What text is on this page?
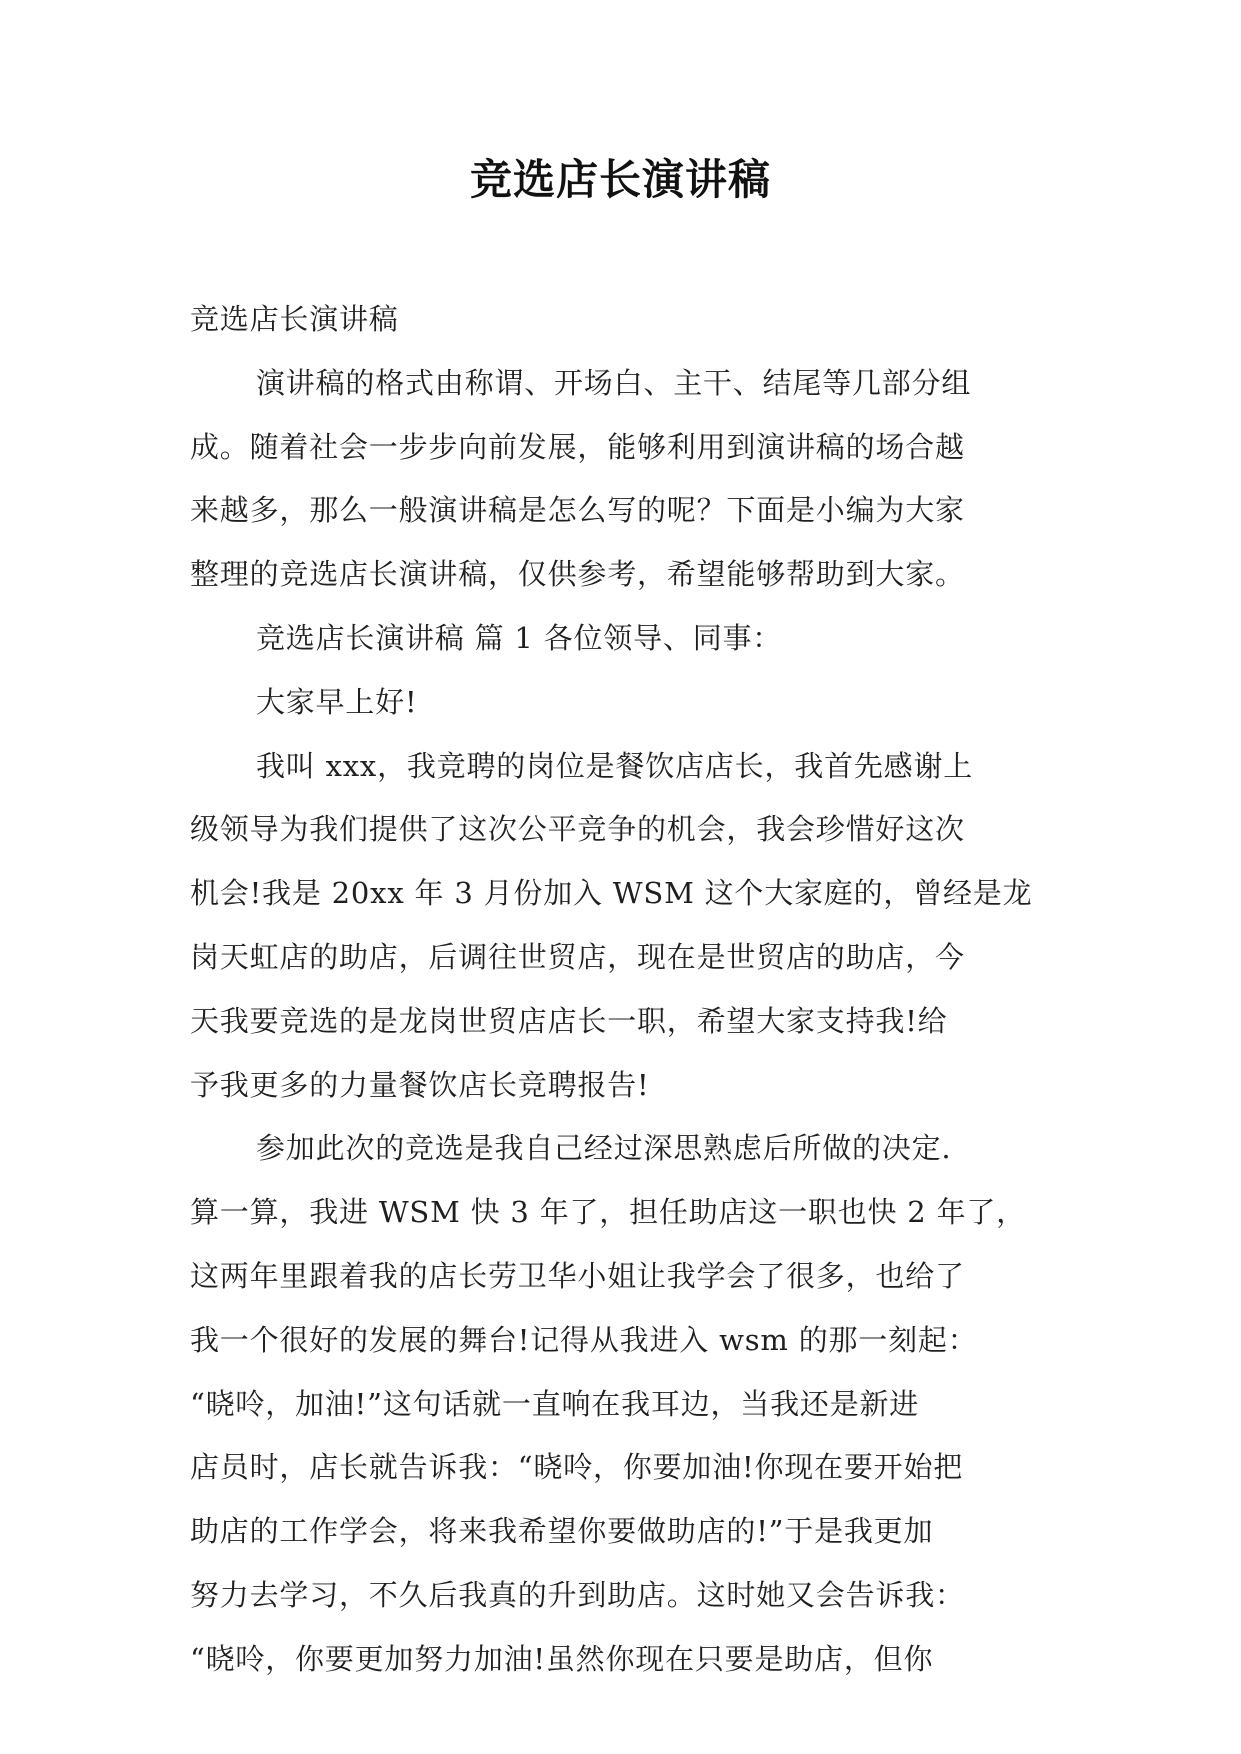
竞选店长演讲稿
竞选店长演讲稿
演讲稿的格式由称谓、开场白、主干、结尾等几部分组
成。随着社会一步步向前发展，能够利用到演讲稿的场合越
来越多，那么一般演讲稿是怎么写的呢？下面是小编为大家
整理的竞选店长演讲稿，仅供参考，希望能够帮助到大家。
竞选店长演讲稿 篇 1 各位领导、同事：
大家早上好!
我叫 xxx，我竞聘的岗位是餐饮店店长，我首先感谢上
级领导为我们提供了这次公平竞争的机会，我会珍惜好这次
机会!我是 20xx 年 3 月份加入 WSM 这个大家庭的，曾经是龙
岗天虹店的助店，后调往世贸店，现在是世贸店的助店，今
天我要竞选的是龙岗世贸店店长一职，希望大家支持我!给
予我更多的力量餐饮店长竞聘报告!
参加此次的竞选是我自己经过深思熟虑后所做的决定.
算一算，我进 WSM 快 3 年了，担任助店这一职也快 2 年了，
这两年里跟着我的店长劳卫华小姐让我学会了很多，也给了
我一个很好的发展的舞台!记得从我进入 wsm 的那一刻起：
“晓呤，加油!”这句话就一直响在我耳边，当我还是新进
店员时，店长就告诉我：“晓呤，你要加油!你现在要开始把
助店的工作学会，将来我希望你要做助店的!”于是我更加
努力去学习，不久后我真的升到助店。这时她又会告诉我：
“晓呤，你要更加努力加油!虽然你现在只要是助店，但你
